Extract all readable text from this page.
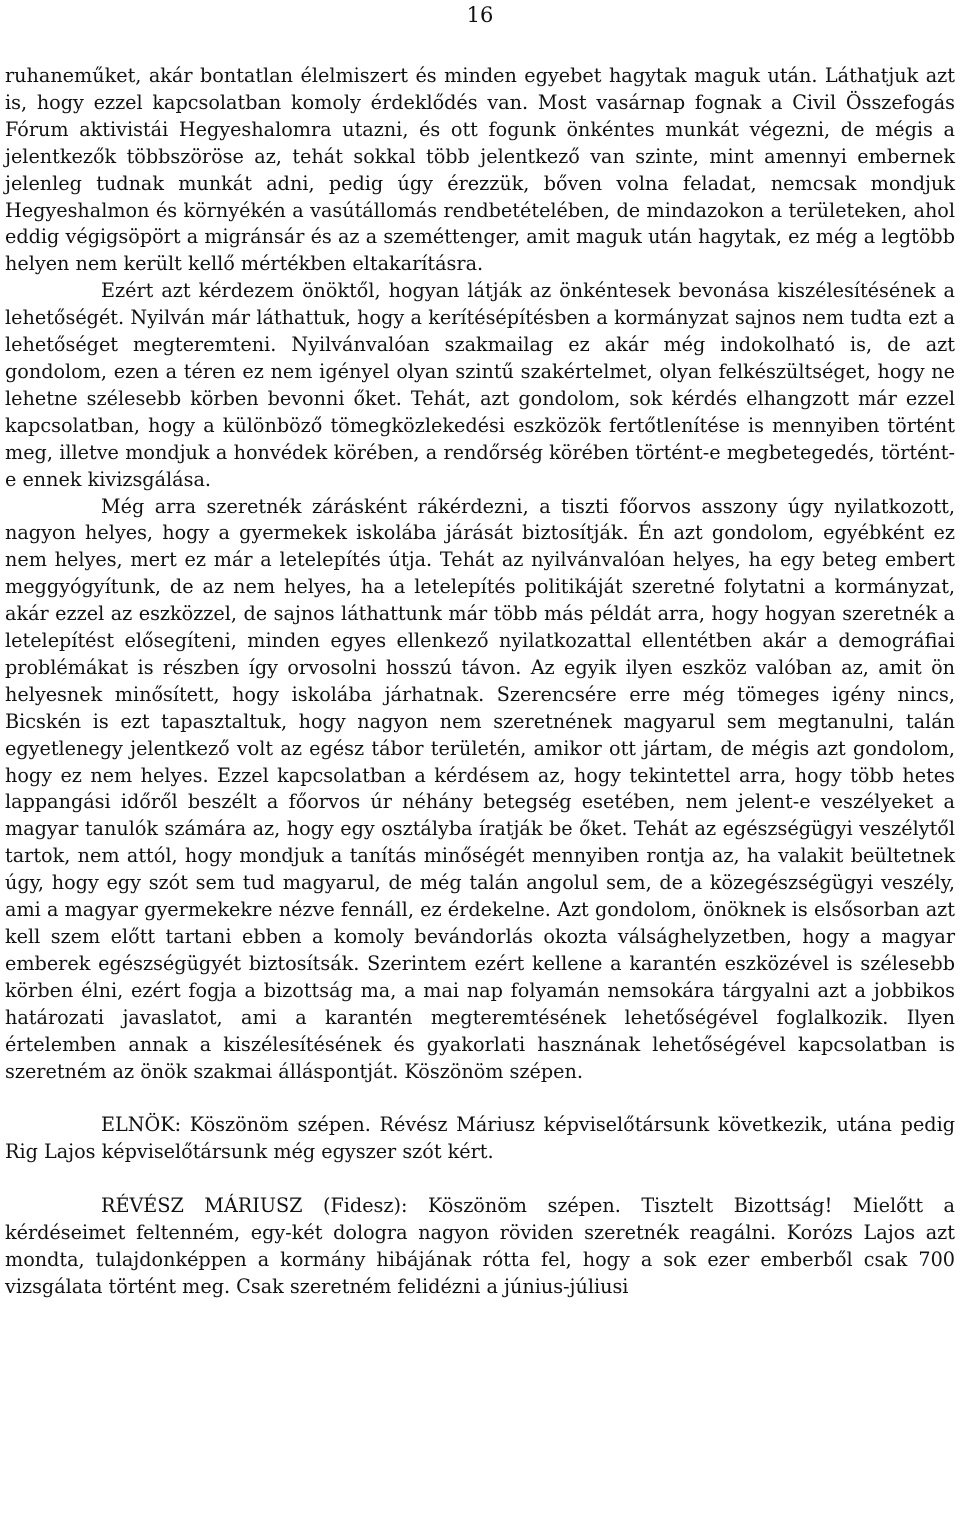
16

ruhaneműket, akár bontatlan élelmiszert és minden egyebet hagytak maguk után. Láthatjuk azt is, hogy ezzel kapcsolatban komoly érdeklődés van. Most vasárnap fognak a Civil Összefogás Fórum aktivistái Hegyeshalomra utazni, és ott fogunk önkéntes munkát végezni, de mégis a jelentkezők többszöröse az, tehát sokkal több jelentkező van szinte, mint amennyi embernek jelenleg tudnak munkát adni, pedig úgy érezzük, bőven volna feladat, nemcsak mondjuk Hegyeshalmon és környékén a vasútállomás rendbetételében, de mindazokon a területeken, ahol eddig végigsöpört a migránsár és az a szeméttenger, amit maguk után hagytak, ez még a legtöbb helyen nem került kellő mértékben eltakarításra.

Ezért azt kérdezem önöktől, hogyan látják az önkéntesek bevonása kiszélesítésének a lehetőségét. Nyilván már láthattuk, hogy a kerítésépítésben a kormányzat sajnos nem tudta ezt a lehetőséget megteremteni. Nyilvánvalóan szakmailag ez akár még indokolható is, de azt gondolom, ezen a téren ez nem igényel olyan szintű szakértelmet, olyan felkészültséget, hogy ne lehetne szélesebb körben bevonni őket. Tehát, azt gondolom, sok kérdés elhangzott már ezzel kapcsolatban, hogy a különböző tömegközlekedési eszközök fertőtlenítése is mennyiben történt meg, illetve mondjuk a honvédek körében, a rendőrség körében történt-e megbetegedés, történt-e ennek kivizsgálása.

Még arra szeretnék zárásként rákérdezni, a tiszti főorvos asszony úgy nyilatkozott, nagyon helyes, hogy a gyermekek iskolába járását biztosítják. Én azt gondolom, egyébként ez nem helyes, mert ez már a letelepítés útja. Tehát az nyilvánvalóan helyes, ha egy beteg embert meggyógyítunk, de az nem helyes, ha a letelepítés politikáját szeretné folytatni a kormányzat, akár ezzel az eszközzel, de sajnos láthattunk már több más példát arra, hogy hogyan szeretnék a letelepítést elősegíteni, minden egyes ellenkező nyilatkozattal ellentétben akár a demográfiai problémákat is részben így orvosolni hosszú távon. Az egyik ilyen eszköz valóban az, amit ön helyesnek minősített, hogy iskolába járhatnak. Szerencsére erre még tömeges igény nincs, Bicskén is ezt tapasztaltuk, hogy nagyon nem szeretnének magyarul sem megtanulni, talán egyetlenegy jelentkező volt az egész tábor területén, amikor ott jártam, de mégis azt gondolom, hogy ez nem helyes. Ezzel kapcsolatban a kérdésem az, hogy tekintettel arra, hogy több hetes lappangási időről beszélt a főorvos úr néhány betegség esetében, nem jelent-e veszélyeket a magyar tanulók számára az, hogy egy osztályba íratják be őket. Tehát az egészségügyi veszélytől tartok, nem attól, hogy mondjuk a tanítás minőségét mennyiben rontja az, ha valakit beültetnek úgy, hogy egy szót sem tud magyarul, de még talán angolul sem, de a közegészségügyi veszély, ami a magyar gyermekekre nézve fennáll, ez érdekelne. Azt gondolom, önöknek is elsősorban azt kell szem előtt tartani ebben a komoly bevándorlás okozta válsághelyzetben, hogy a magyar emberek egészségügyét biztosítsák. Szerintem ezért kellene a karantén eszközével is szélesebb körben élni, ezért fogja a bizottság ma, a mai nap folyamán nemsokára tárgyalni azt a jobbikos határozati javaslatot, ami a karantén megteremtésének lehetőségével foglalkozik. Ilyen értelemben annak a kiszélesítésének és gyakorlati hasznának lehetőségével kapcsolatban is szeretném az önök szakmai álláspontját. Köszönöm szépen.

ELNÖK: Köszönöm szépen. Révész Máriusz képviselőtársunk következik, utána pedig Rig Lajos képviselőtársunk még egyszer szót kért.

RÉVÉSZ MÁRIUSZ (Fidesz): Köszönöm szépen. Tisztelt Bizottság! Mielőtt a kérdéseimet feltenném, egy-két dologra nagyon röviden szeretnék reagálni. Korózs Lajos azt mondta, tulajdonképpen a kormány hibájának rótta fel, hogy a sok ezer emberből csak 700 vizsgálata történt meg. Csak szeretném felidézni a június-júliusi
